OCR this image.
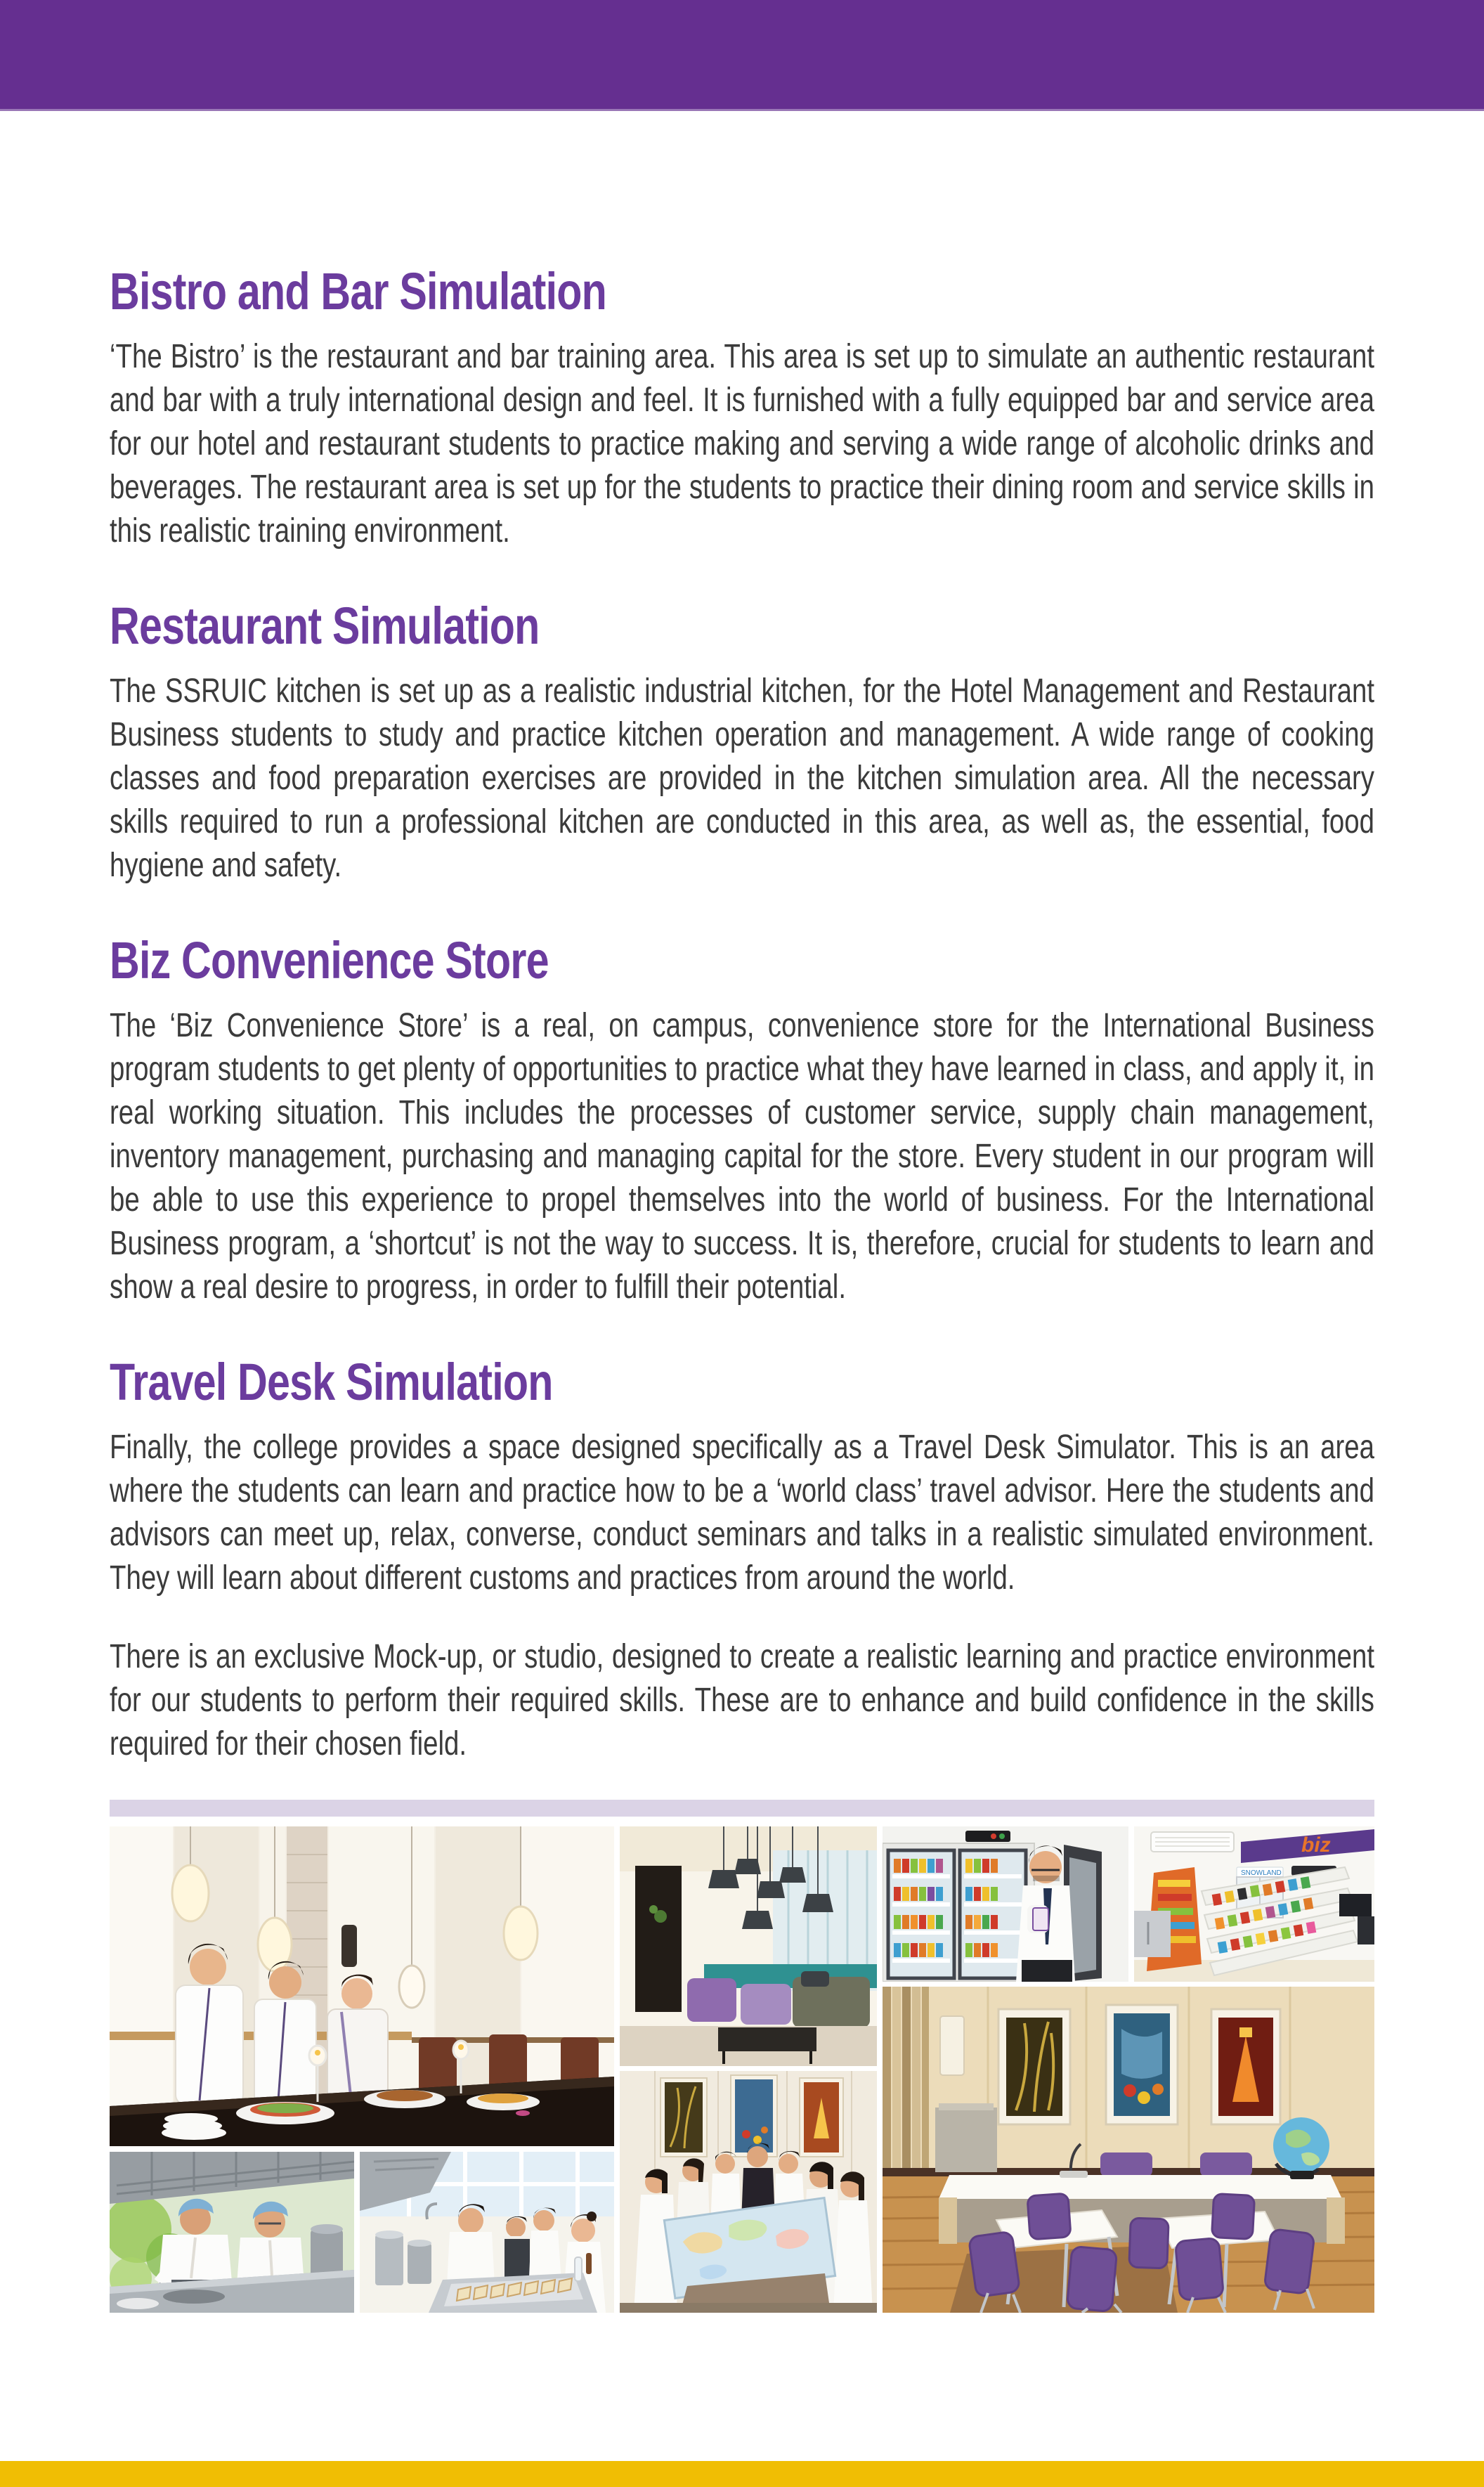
Bistro and Bar Simulation

‘The Bistro’ is the restaurant and bar training area. This area is set up to simulate an authentic restaurant and bar with a truly international design and feel. It is furnished with a fully equipped bar and service area for our hotel and restaurant students to practice making and serving a wide range of alcoholic drinks and beverages. The restaurant area is set up for the students to practice their dining room and service skills in this realistic training environment.

Restaurant Simulation

The SSRUIC kitchen is set up as a realistic industrial kitchen, for the Hotel Management and Restaurant Business students to study and practice kitchen operation and management. A wide range of cooking classes and food preparation exercises are provided in the kitchen simulation area. All the necessary skills required to run a professional kitchen are conducted in this area, as well as, the essential, food hygiene and safety.

Biz Convenience Store

The ‘Biz Convenience Store’ is a real, on campus, convenience store for the International Business program students to get plenty of opportunities to practice what they have learned in class, and apply it, in real working situation. This includes the processes of customer service, supply chain management, inventory management, purchasing and managing capital for the store. Every student in our program will be able to use this experience to propel themselves into the world of business. For the International Business program, a ‘shortcut’ is not the way to success. It is, therefore, crucial for students to learn and show a real desire to progress, in order to fulfill their potential.

Travel Desk Simulation

Finally, the college provides a space designed specifically as a Travel Desk Simulator. This is an area where the students can learn and practice how to be a ‘world class’ travel advisor. Here the students and advisors can meet up, relax, converse, conduct seminars and talks in a realistic simulated environment. They will learn about different customs and practices from around the world.

There is an exclusive Mock-up, or studio, designed to create a realistic learning and practice environment for our students to perform their required skills. These are to enhance and build confidence in the skills required for their chosen field.

biz
SNOWLAND
